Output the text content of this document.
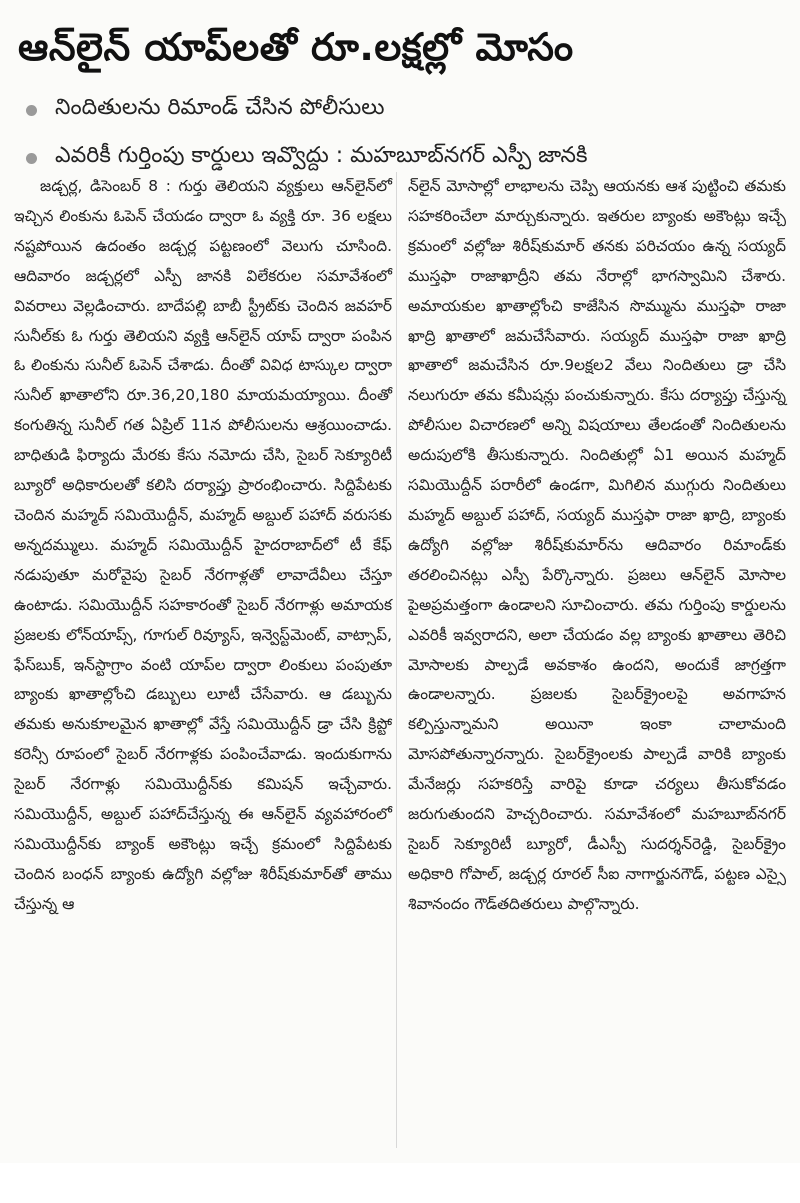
ఆన్‌లైన్ యాప్‌లతో రూ.లక్షల్లో మోసం
నిందితులను రిమాండ్ చేసిన పోలీసులు
ఎవరికీ గుర్తింపు కార్డులు ఇవ్వొద్దు : మహబూబ్‌నగర్ ఎస్పీ జానకి

జడ్చర్ల, డిసెంబర్ 8 : గుర్తు తెలియని వ్యక్తులు ఆన్‌లైన్‌లో ఇచ్చిన లింకును ఓపెన్ చేయడం ద్వారా ఓ వ్యక్తి రూ. 36 లక్షలు నష్టపోయిన ఉదంతం జడ్చర్ల పట్టణంలో వెలుగు చూసింది. ఆదివారం జడ్చర్లలో ఎస్పీ జానకి విలేకరుల సమావేశంలో వివరాలు వెల్లడించారు. బాదేపల్లి బాబీ స్ట్రీట్‌కు చెందిన జవహర్ సునీల్‌కు ఓ గుర్తు తెలియని వ్యక్తి ఆన్‌లైన్ యాప్ ద్వారా పంపిన ఓ లింకును సునీల్ ఓపెన్ చేశాడు. దీంతో వివిధ టాస్కుల ద్వారా సునీల్ ఖాతాలోని రూ.36,20,180 మాయమయ్యాయి. దీంతో కంగుతిన్న సునీల్ గత ఏప్రిల్ 11న పోలీసులను ఆశ్రయించాడు. బాధితుడి ఫిర్యాదు మేరకు కేసు నమోదు చేసి, సైబర్ సెక్యూరిటీ బ్యూరో అధికారులతో కలిసి దర్యాప్తు ప్రారంభించారు. సిద్దిపేటకు చెందిన మహ్మద్ సమియొద్దీన్, మహ్మద్ అబ్దుల్ పహాద్ వరుసకు అన్నదమ్ములు. మహ్మద్ సమియొద్దీన్ హైదరాబాద్‌లో టీ కేఫ్ నడుపుతూ మరోవైపు సైబర్ నేరగాళ్లతో లావాదేవీలు చేస్తూ ఉంటాడు. సమియొద్దీన్ సహకారంతో సైబర్ నేరగాళ్లు అమాయక ప్రజలకు లోన్‌యాప్స్, గూగుల్ రివ్యూస్, ఇన్వెస్ట్‌మెంట్, వాట్సాప్, ఫేస్‌బుక్, ఇన్‌స్టాగ్రాం వంటి యాప్‌ల ద్వారా లింకులు పంపుతూ బ్యాంకు ఖాతాల్లోంచి డబ్బులు లూటీ చేసేవారు. ఆ డబ్బును తమకు అనుకూలమైన ఖాతాల్లో వేస్తే సమియొద్దీన్ డ్రా చేసి క్రిప్టో కరెన్సీ రూపంలో సైబర్ నేరగాళ్లకు పంపించేవాడు. ఇందుకుగాను సైబర్ నేరగాళ్లు సమియొద్దీన్‌కు కమిషన్ ఇచ్చేవారు. సమియొద్దీన్, అబ్దుల్ పహాద్‌చేస్తున్న ఈ ఆన్‌లైన్ వ్యవహారంలో సమియొద్దీన్‌కు బ్యాంక్ అకౌంట్లు ఇచ్చే క్రమంలో సిద్దిపేటకు చెందిన బంధన్ బ్యాంకు ఉద్యోగి వల్లోజు శిరీష్‌కుమార్‌తో తాము చేస్తున్న ఆ

న్‌లైన్ మోసాల్లో లాభాలను చెప్పి ఆయనకు ఆశ పుట్టించి తమకు సహకరించేలా మార్చుకున్నారు. ఇతరుల బ్యాంకు అకౌంట్లు ఇచ్చే క్రమంలో వల్లోజు శిరీష్‌కుమార్ తనకు పరిచయం ఉన్న సయ్యద్ ముస్తఫా రాజాఖాద్రీని తమ నేరాల్లో భాగస్వామిని చేశారు. అమాయకుల ఖాతాల్లోంచి కాజేసిన సొమ్మును ముస్తఫా రాజా ఖాద్రి ఖాతాలో జమచేసేవారు. సయ్యద్ ముస్తఫా రాజా ఖాద్రి ఖాతాలో జమచేసిన రూ.9లక్షల2 వేలు నిందితులు డ్రా చేసి నలుగురూ తమ కమీషన్లు పంచుకున్నారు. కేసు దర్యాప్తు చేస్తున్న పోలీసుల విచారణలో అన్ని విషయాలు తేలడంతో నిందితులను అదుపులోకి తీసుకున్నారు. నిందితుల్లో ఏ1 అయిన మహ్మద్ సమియొద్దీన్ పరారీలో ఉండగా, మిగిలిన ముగ్గురు నిందితులు మహ్మద్ అబ్దుల్ పహాద్, సయ్యద్ ముస్తఫా రాజా ఖాద్రి, బ్యాంకు ఉద్యోగి వల్లోజు శిరీష్‌కుమార్‌ను ఆదివారం రిమాండ్‌కు తరలించినట్లు ఎస్పీ పేర్కొన్నారు. ప్రజలు ఆన్‌లైన్ మోసాల పైఅప్రమత్తంగా ఉండాలని సూచించారు. తమ గుర్తింపు కార్డులను ఎవరికీ ఇవ్వరాదని, అలా చేయడం వల్ల బ్యాంకు ఖాతాలు తెరిచి మోసాలకు పాల్పడే అవకాశం ఉందని, అందుకే జాగ్రత్తగా ఉండాలన్నారు. ప్రజలకు సైబర్‌క్రైంలపై అవగాహన కల్పిస్తున్నామని అయినా ఇంకా చాలామంది మోసపోతున్నారన్నారు. సైబర్‌క్రైంలకు పాల్పడే వారికి బ్యాంకు మేనేజర్లు సహకరిస్తే వారిపై కూడా చర్యలు తీసుకోవడం జరుగుతుందని హెచ్చరించారు. సమావేశంలో మహబూబ్‌నగర్ సైబర్ సెక్యూరిటీ బ్యూరో, డీఎస్పీ సుదర్శన్‌రెడ్డి, సైబర్‌క్రైం అధికారి గోపాల్, జడ్చర్ల రూరల్ సీఐ నాగార్జునగౌడ్, పట్టణ ఎస్సై శివానందం గౌడ్‌తదితరులు పాల్గొన్నారు.
